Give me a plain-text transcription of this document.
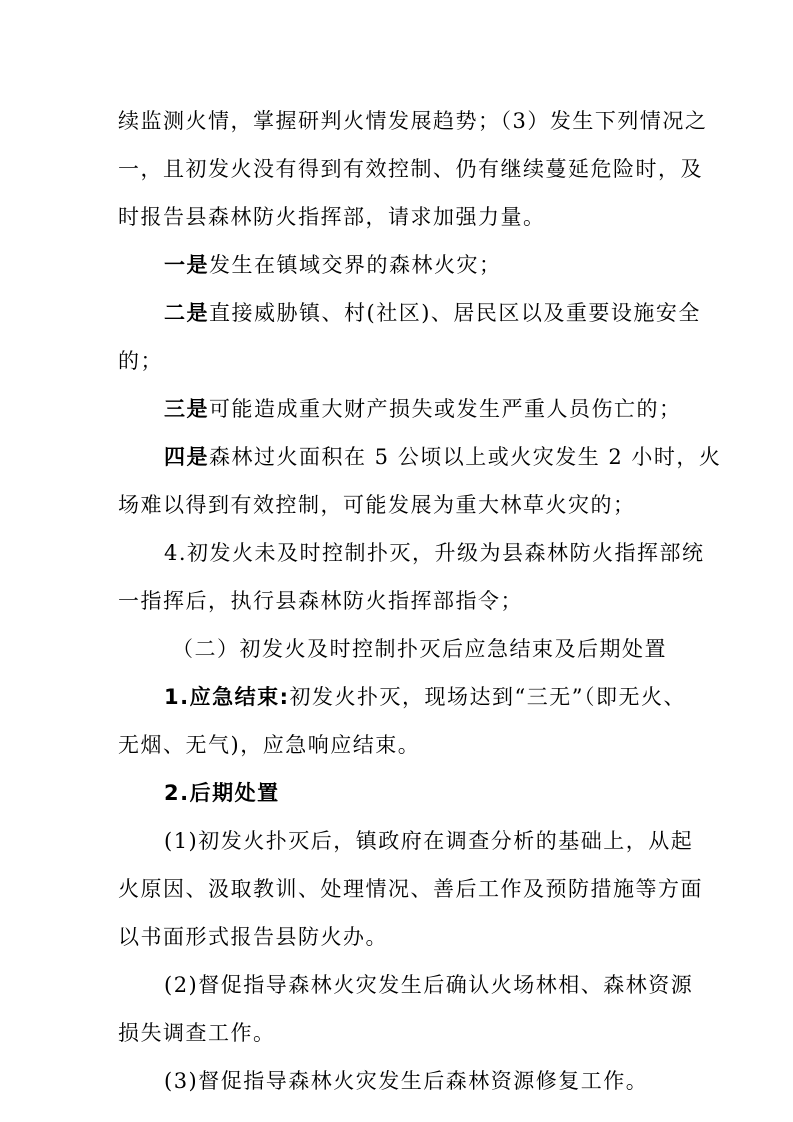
续监测火情，掌握研判火情发展趋势；（3）发生下列情况之
一，且初发火没有得到有效控制、仍有继续蔓延危险时，及
时报告县森林防火指挥部，请求加强力量。
一是发生在镇域交界的森林火灾；
二是直接威胁镇、村(社区)、居民区以及重要设施安全
的；
三是可能造成重大财产损失或发生严重人员伤亡的；
四是森林过火面积在 5 公顷以上或火灾发生 2 小时，火
场难以得到有效控制，可能发展为重大林草火灾的；
4.初发火未及时控制扑灭，升级为县森林防火指挥部统
一指挥后，执行县森林防火指挥部指令；
（二）初发火及时控制扑灭后应急结束及后期处置
1.应急结束:初发火扑灭，现场达到“三无”（即无火、
无烟、无气)，应急响应结束。
2.后期处置
(1)初发火扑灭后，镇政府在调查分析的基础上，从起
火原因、汲取教训、处理情况、善后工作及预防措施等方面
以书面形式报告县防火办。
(2)督促指导森林火灾发生后确认火场林相、森林资源
损失调查工作。
(3)督促指导森林火灾发生后森林资源修复工作。
